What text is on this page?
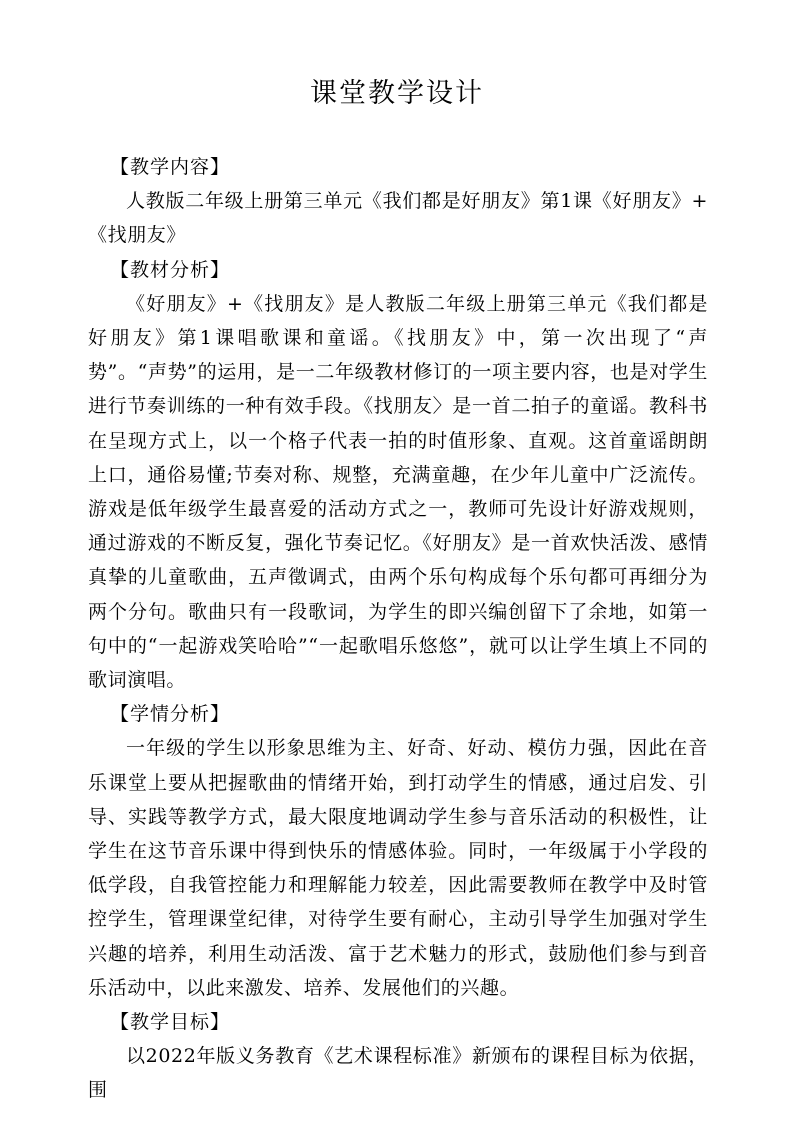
课堂教学设计
【教学内容】

人教版二年级上册第三单元《我们都是好朋友》第1课《好朋友》+《找朋友》

【教材分析】

《好朋友》+《找朋友》是人教版二年级上册第三单元《我们都是好朋友》第1课唱歌课和童谣。《找朋友》中，第一次出现了“声势”。“声势”的运用，是一二年级教材修订的一项主要内容，也是对学生进行节奏训练的一种有效手段。《找朋友〉是一首二拍子的童谣。教科书在呈现方式上，以一个格子代表一拍的时值形象、直观。这首童谣朗朗上口，通俗易懂;节奏对称、规整，充满童趣，在少年儿童中广泛流传。游戏是低年级学生最喜爱的活动方式之一，教师可先设计好游戏规则，通过游戏的不断反复，强化节奏记忆。《好朋友》是一首欢快活泼、感情真挚的儿童歌曲，五声徵调式，由两个乐句构成每个乐句都可再细分为两个分句。歌曲只有一段歌词，为学生的即兴编创留下了余地，如第一句中的“一起游戏笑哈哈”“一起歌唱乐悠悠”，就可以让学生填上不同的歌词演唱。

【学情分析】

一年级的学生以形象思维为主、好奇、好动、模仿力强，因此在音乐课堂上要从把握歌曲的情绪开始，到打动学生的情感，通过启发、引导、实践等教学方式，最大限度地调动学生参与音乐活动的积极性，让学生在这节音乐课中得到快乐的情感体验。同时，一年级属于小学段的低学段，自我管控能力和理解能力较差，因此需要教师在教学中及时管控学生，管理课堂纪律，对待学生要有耐心，主动引导学生加强对学生兴趣的培养，利用生动活泼、富于艺术魅力的形式，鼓励他们参与到音乐活动中，以此来激发、培养、发展他们的兴趣。

【教学目标】

以2022年版义务教育《艺术课程标准》新颁布的课程目标为依据，围
